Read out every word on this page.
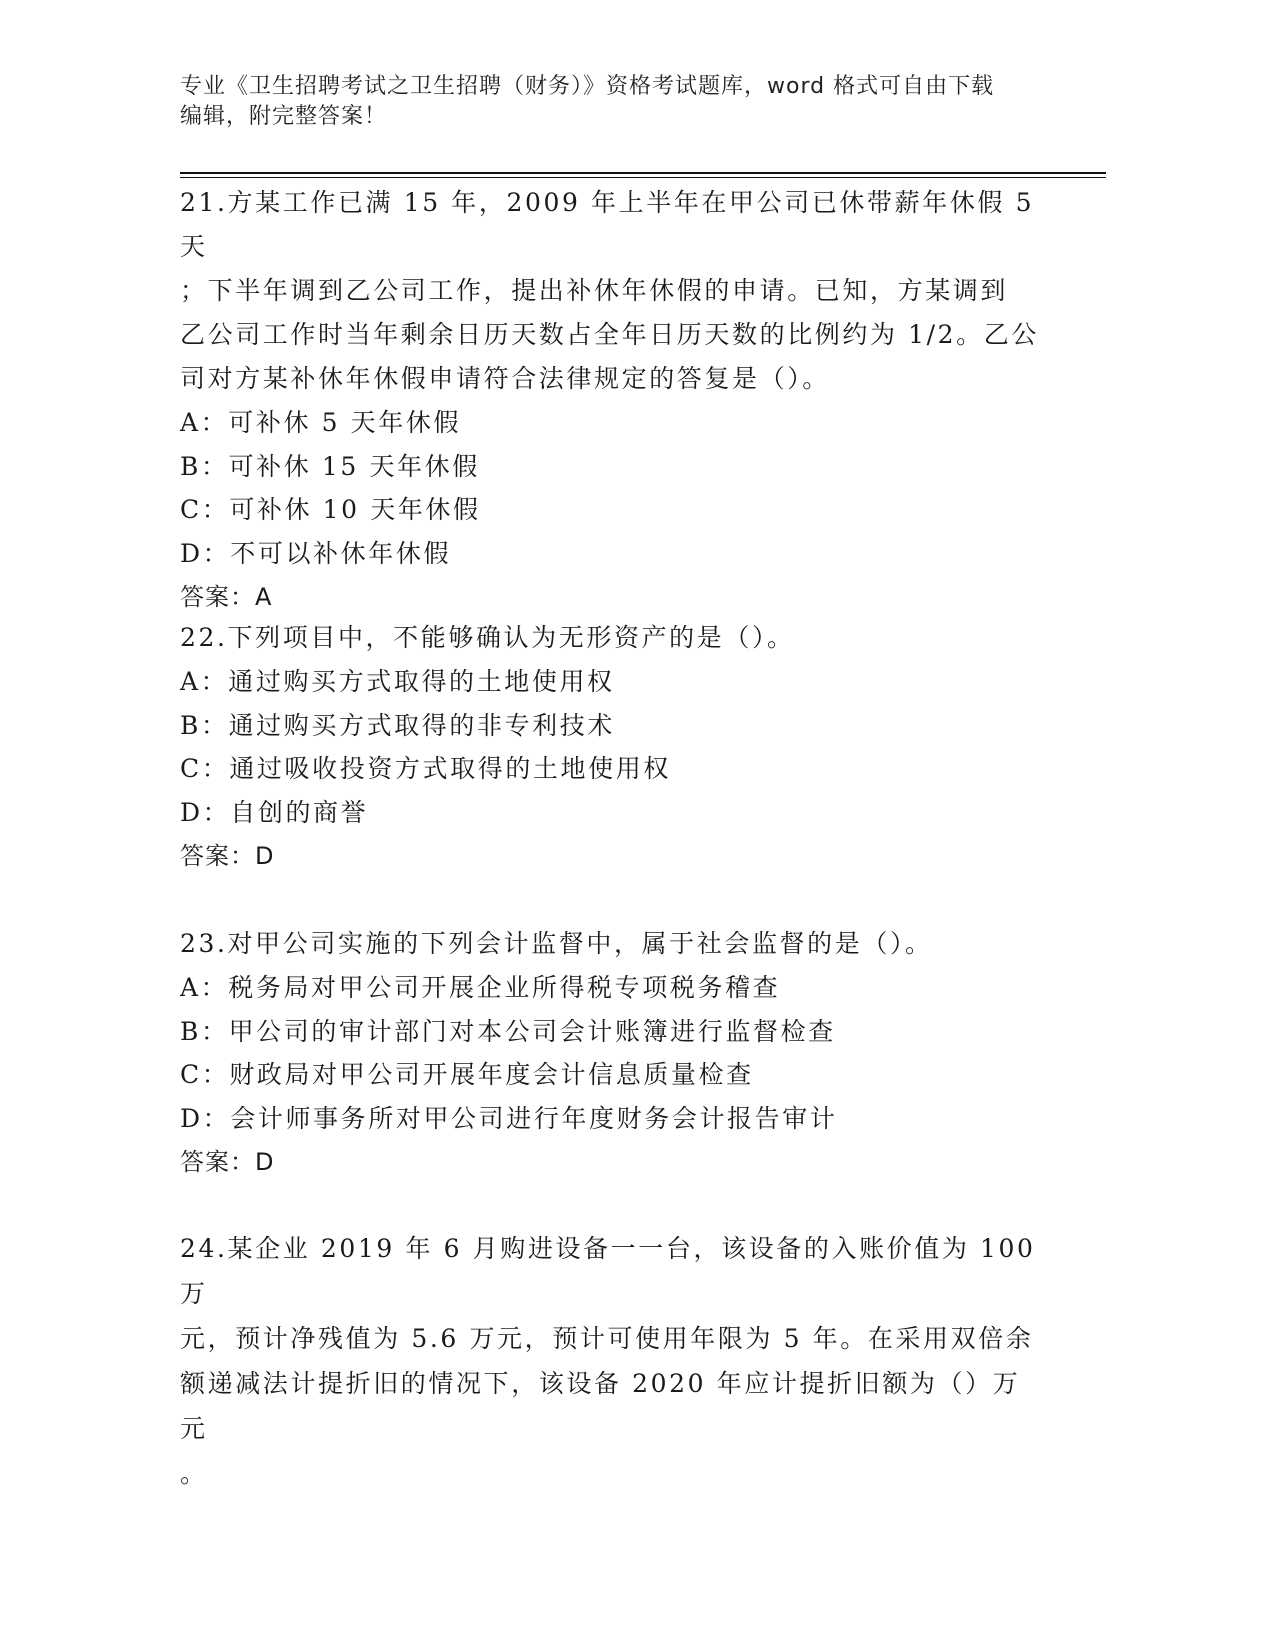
专业《卫生招聘考试之卫生招聘（财务）》资格考试题库，word 格式可自由下载
编辑，附完整答案！

21.方某工作已满 15 年，2009 年上半年在甲公司已休带薪年休假 5 天

；下半年调到乙公司工作，提出补休年休假的申请。已知，方某调到

乙公司工作时当年剩余日历天数占全年日历天数的比例约为 1/2。乙公

司对方某补休年休假申请符合法律规定的答复是（）。

A：可补休 5 天年休假

B：可补休 15 天年休假

C：可补休 10 天年休假

D：不可以补休年休假

答案：A

22.下列项目中，不能够确认为无形资产的是（）。

A：通过购买方式取得的土地使用权

B：通过购买方式取得的非专利技术

C：通过吸收投资方式取得的土地使用权

D：自创的商誉

答案：D

23.对甲公司实施的下列会计监督中，属于社会监督的是（）。

A：税务局对甲公司开展企业所得税专项税务稽查

B：甲公司的审计部门对本公司会计账簿进行监督检查

C：财政局对甲公司开展年度会计信息质量检查

D：会计师事务所对甲公司进行年度财务会计报告审计

答案：D

24.某企业 2019 年 6 月购进设备一一台，该设备的入账价值为 100 万

元，预计净残值为 5.6 万元，预计可使用年限为 5 年。在采用双倍余

额递减法计提折旧的情况下，该设备 2020 年应计提折旧额为（）万元

。
